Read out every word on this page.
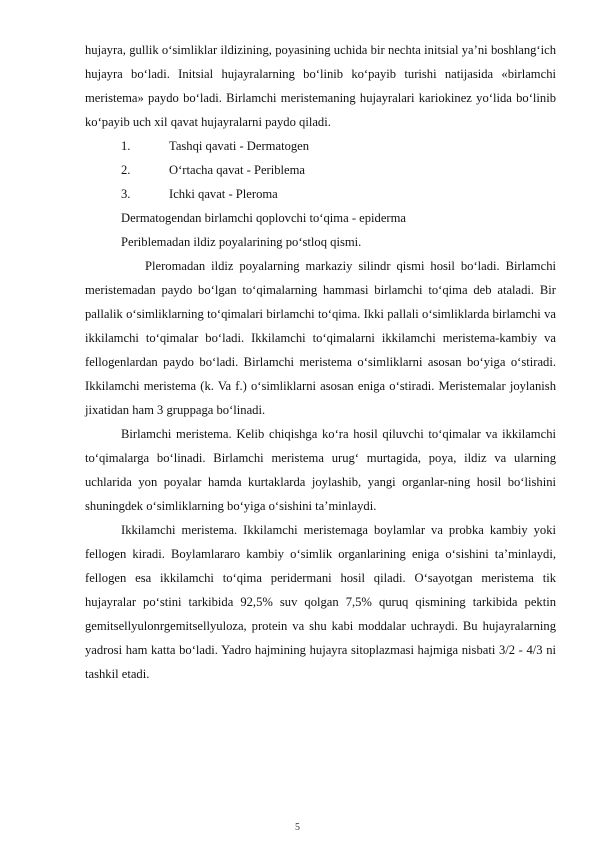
hujayra, gullik o‘simliklar ildizining, poyasining uchida bir nechta initsial ya’ni boshlang‘ich hujayra bo‘ladi. Initsial hujayralarning bo‘linib ko‘payib turishi natijasida «birlamchi meristema» paydo bo‘ladi. Birlamchi meristemaning hujayralari kariokinez yo‘lida bo‘linib ko‘payib uch xil qavat hujayralarni paydo qiladi.

1.	Tashqi qavati - Dermatogen

2.	O‘rtacha qavat - Periblema

3.	Ichki qavat - Pleroma

Dermatogendan birlamchi qoplovchi to‘qima - epiderma

Periblemadan ildiz poyalarining po‘stloq qismi.

Pleromadan ildiz poyalarning markaziy silindr qismi hosil bo‘ladi. Birlamchi meristemadan paydo bo‘lgan to‘qimalarning hammasi birlamchi to‘qima deb ataladi. Bir pallalik o‘simliklarning to‘qimalari birlamchi to‘qima. Ikki pallali o‘simliklarda birlamchi va ikkilamchi to‘qimalar bo‘ladi. Ikkilamchi to‘qimalarni ikkilamchi meristema-kambiy va fellogenlardan paydo bo‘ladi. Birlamchi meristema o‘simliklarni asosan bo‘yiga o‘stiradi. Ikkilamchi meristema (k. Va f.) o‘simliklarni asosan eniga o‘stiradi. Meristemalar joylanish jixatidan ham 3 gruppaga bo‘linadi.

Birlamchi meristema. Kelib chiqishga ko‘ra hosil qiluvchi to‘qimalar va ikkilamchi to‘qimalarga bo‘linadi. Birlamchi meristema urug‘ murtagida, poya, ildiz va ularning uchlarida yon poyalar hamda kurtaklarda joylashib, yangi organlar-ning hosil bo‘lishini shuningdek o‘simliklarning bo‘yiga o‘sishini ta’minlaydi.

Ikkilamchi meristema. Ikkilamchi meristemaga boylamlar va probka kambiy yoki fellogen kiradi. Boylamlararo kambiy o‘simlik organlarining eniga o‘sishini ta’minlaydi, fellogen esa ikkilamchi to‘qima peridermani hosil qiladi. O‘sayotgan meristema tik hujayralar po‘stini tarkibida 92,5% suv qolgan 7,5% quruq qismining tarkibida pektin gemitsellyulonrgemitsellyuloza, protein va shu kabi moddalar uchraydi. Bu hujayralarning yadrosi ham katta bo‘ladi. Yadro hajmining hujayra sitoplazmasi hajmiga nisbati 3/2 - 4/3 ni tashkil etadi.

5
